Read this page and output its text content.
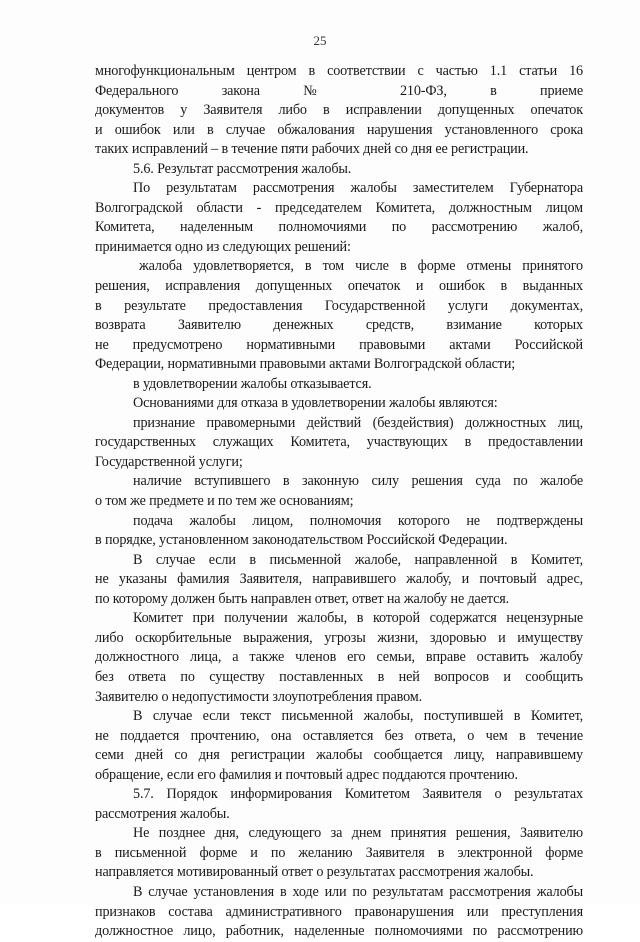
25
многофункциональным центром в соответствии с частью 1.1 статьи 16
Федерального закона № 210-ФЗ, в приеме
документов у Заявителя либо в исправлении допущенных опечаток
и ошибок или в случае обжалования нарушения установленного срока
таких исправлений – в течение пяти рабочих дней со дня ее регистрации.
5.6. Результат рассмотрения жалобы.
По результатам рассмотрения жалобы заместителем Губернатора
Волгоградской области - председателем Комитета, должностным лицом
Комитета, наделенным полномочиями по рассмотрению жалоб,
принимается одно из следующих решений:
жалоба удовлетворяется, в том числе в форме отмены принятого
решения, исправления допущенных опечаток и ошибок в выданных
в результате предоставления Государственной услуги документах,
возврата Заявителю денежных средств, взимание которых
не предусмотрено нормативными правовыми актами Российской
Федерации, нормативными правовыми актами Волгоградской области;
в удовлетворении жалобы отказывается.
Основаниями для отказа в удовлетворении жалобы являются:
признание правомерными действий (бездействия) должностных лиц,
государственных служащих Комитета, участвующих в предоставлении
Государственной услуги;
наличие вступившего в законную силу решения суда по жалобе
о том же предмете и по тем же основаниям;
подача жалобы лицом, полномочия которого не подтверждены
в порядке, установленном законодательством Российской Федерации.
В случае если в письменной жалобе, направленной в Комитет,
не указаны фамилия Заявителя, направившего жалобу, и почтовый адрес,
по которому должен быть направлен ответ, ответ на жалобу не дается.
Комитет при получении жалобы, в которой содержатся нецензурные
либо оскорбительные выражения, угрозы жизни, здоровью и имуществу
должностного лица, а также членов его семьи, вправе оставить жалобу
без ответа по существу поставленных в ней вопросов и сообщить
Заявителю о недопустимости злоупотребления правом.
В случае если текст письменной жалобы, поступившей в Комитет,
не поддается прочтению, она оставляется без ответа, о чем в течение
семи дней со дня регистрации жалобы сообщается лицу, направившему
обращение, если его фамилия и почтовый адрес поддаются прочтению.
5.7. Порядок информирования Комитетом Заявителя о результатах
рассмотрения жалобы.
Не позднее дня, следующего за днем принятия решения, Заявителю
в письменной форме и по желанию Заявителя в электронной форме
направляется мотивированный ответ о результатах рассмотрения жалобы.
В случае установления в ходе или по результатам рассмотрения жалобы
признаков состава административного правонарушения или преступления
должностное лицо, работник, наделенные полномочиями по рассмотрению
